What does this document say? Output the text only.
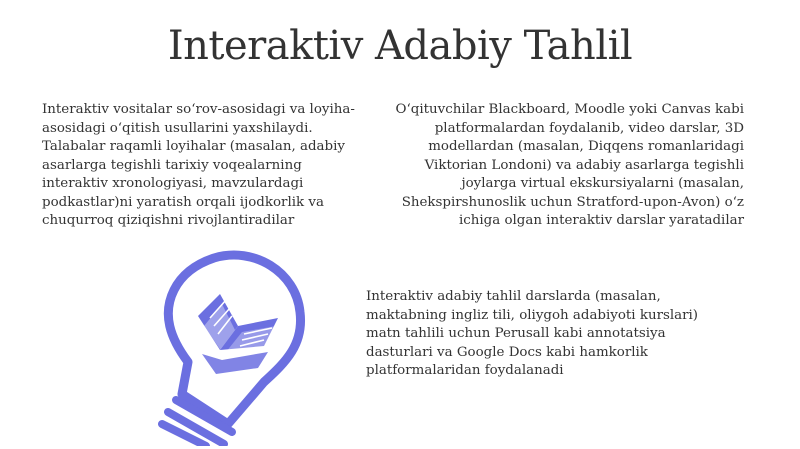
Interaktiv Adabiy Tahlil

Interaktiv vositalar so‘rov-asosidagi va loyiha-asosidagi o‘qitish usullarini yaxshilaydi. Talabalar raqamli loyihalar (masalan, adabiy asarlarga tegishli tarixiy voqealarning interaktiv xronologiyasi, mavzulardagi podkastlar)ni yaratish orqali ijodkorlik va chuqurroq qiziqishni rivojlantiradilar

O‘qituvchilar Blackboard, Moodle yoki Canvas kabi platformalardan foydalanib, video darslar, 3D modellardan (masalan, Diqqens romanlaridagi Viktorian Londoni) va adabiy asarlarga tegishli joylarga virtual ekskursiyalarni (masalan, Shekspirshunoslik uchun Stratford-upon-Avon) o‘z ichiga olgan interaktiv darslar yaratadilar

Interaktiv adabiy tahlil darslarda (masalan, maktabning ingliz tili, oliygoh adabiyoti kurslari) matn tahlili uchun Perusall kabi annotatsiya dasturlari va Google Docs kabi hamkorlik platformalaridan foydalanadi
